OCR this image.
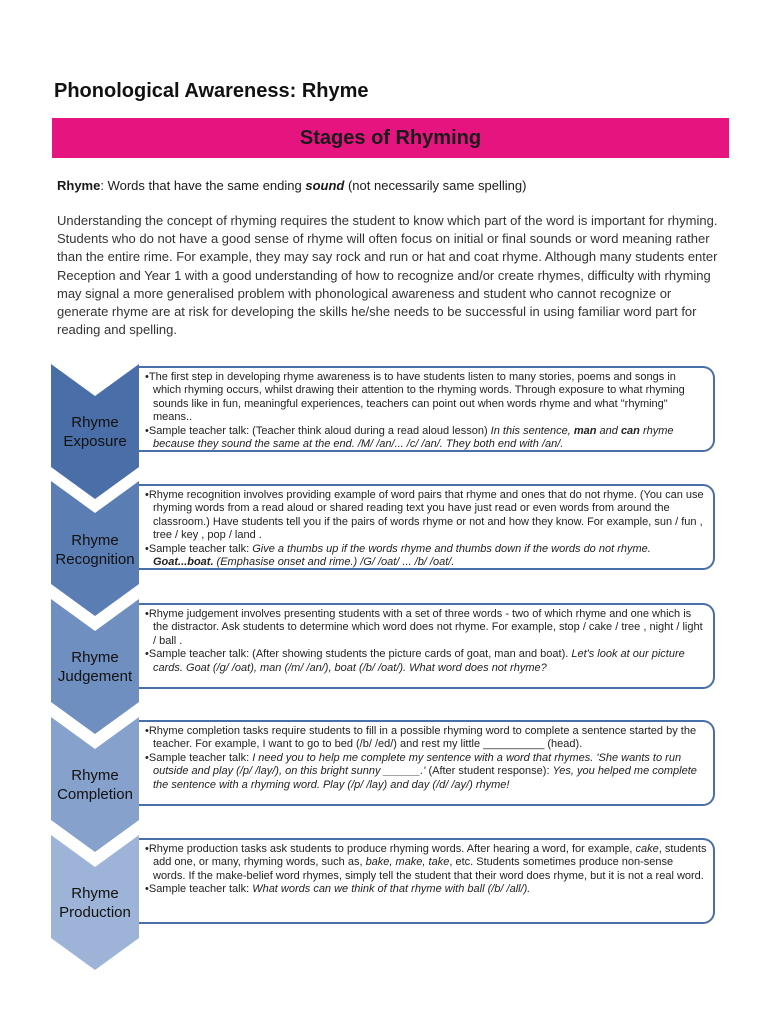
Phonological Awareness: Rhyme
Stages of Rhyming
Rhyme: Words that have the same ending sound (not necessarily same spelling)
Understanding the concept of rhyming requires the student to know which part of the word is important for rhyming. Students who do not have a good sense of rhyme will often focus on initial or final sounds or word meaning rather than the entire rime. For example, they may say rock and run or hat and coat rhyme. Although many students enter Reception and Year 1 with a good understanding of how to recognize and/or create rhymes, difficulty with rhyming may signal a more generalised problem with phonological awareness and student who cannot recognize or generate rhyme are at risk for developing the skills he/she needs to be successful in using familiar word part for reading and spelling.
Rhyme
Exposure

•The first step in developing rhyme awareness is to have students listen to many stories, poems and songs in which rhyming occurs, whilst drawing their attention to the rhyming words. Through exposure to what rhyming sounds like in fun, meaningful experiences, teachers can point out when words rhyme and what "rhyming" means..

•Sample teacher talk: (Teacher think aloud during a read aloud lesson) In this sentence, man and can rhyme because they sound the same at the end. /M/ /an/... /c/ /an/. They both end with /an/.

Rhyme
Recognition

•Rhyme recognition involves providing example of word pairs that rhyme and ones that do not rhyme. (You can use rhyming words from a read aloud or shared reading text you have just read or even words from around the classroom.) Have students tell you if the pairs of words rhyme or not and how they know. For example, sun / fun , tree / key , pop / land .

•Sample teacher talk: Give a thumbs up if the words rhyme and thumbs down if the words do not rhyme.
Goat...boat. (Emphasise onset and rime.) /G/ /oat/ ... /b/ /oat/.

Rhyme
Judgement

•Rhyme judgement involves presenting students with a set of three words - two of which rhyme and one which is the distractor. Ask students to determine which word does not rhyme. For example, stop / cake / tree , night / light / ball .

•Sample teacher talk: (After showing students the picture cards of goat, man and boat). Let's look at our picture cards. Goat (/g/ /oat), man (/m/ /an/), boat (/b/ /oat/). What word does not rhyme?

Rhyme
Completion

•Rhyme completion tasks require students to fill in a possible rhyming word to complete a sentence started by the teacher. For example, I want to go to bed (/b/ /ed/) and rest my little __________ (head).

•Sample teacher talk: I need you to help me complete my sentence with a word that rhymes. 'She wants to run outside and play (/p/ /lay/), on this bright sunny ______.' (After student response): Yes, you helped me complete the sentence with a rhyming word. Play (/p/ /lay) and day (/d/ /ay/) rhyme!

Rhyme
Production

•Rhyme production tasks ask students to produce rhyming words. After hearing a word, for example, cake, students add one, or many, rhyming words, such as, bake, make, take, etc. Students sometimes produce non-sense words. If the make-belief word rhymes, simply tell the student that their word does rhyme, but it is not a real word.

•Sample teacher talk: What words can we think of that rhyme with ball (/b/ /all/).
